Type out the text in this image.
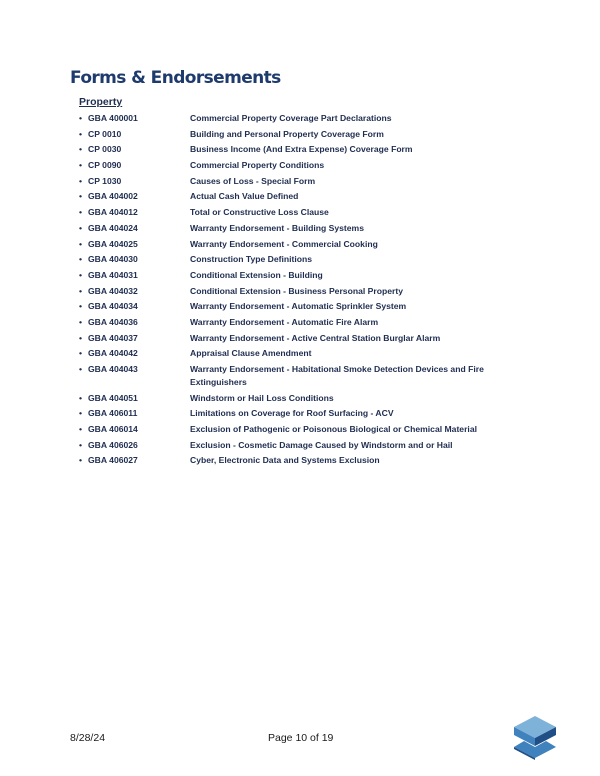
Forms & Endorsements
Property
• GBA 400001	Commercial Property Coverage Part Declarations
• CP 0010	Building and Personal Property Coverage Form
• CP 0030	Business Income (And Extra Expense) Coverage Form
• CP 0090	Commercial Property Conditions
• CP 1030	Causes of Loss - Special Form
• GBA 404002	Actual Cash Value Defined
• GBA 404012	Total or Constructive Loss Clause
• GBA 404024	Warranty Endorsement - Building Systems
• GBA 404025	Warranty Endorsement - Commercial Cooking
• GBA 404030	Construction Type Definitions
• GBA 404031	Conditional Extension - Building
• GBA 404032	Conditional Extension - Business Personal Property
• GBA 404034	Warranty Endorsement - Automatic Sprinkler System
• GBA 404036	Warranty Endorsement - Automatic Fire Alarm
• GBA 404037	Warranty Endorsement - Active Central Station Burglar Alarm
• GBA 404042	Appraisal Clause Amendment
• GBA 404043	Warranty Endorsement - Habitational Smoke Detection Devices and Fire Extinguishers
• GBA 404051	Windstorm or Hail Loss Conditions
• GBA 406011	Limitations on Coverage for Roof Surfacing - ACV
• GBA 406014	Exclusion of Pathogenic or Poisonous Biological or Chemical Material
• GBA 406026	Exclusion - Cosmetic Damage Caused by Windstorm and or Hail
• GBA 406027	Cyber, Electronic Data and Systems Exclusion
8/28/24	Page 10 of 19
